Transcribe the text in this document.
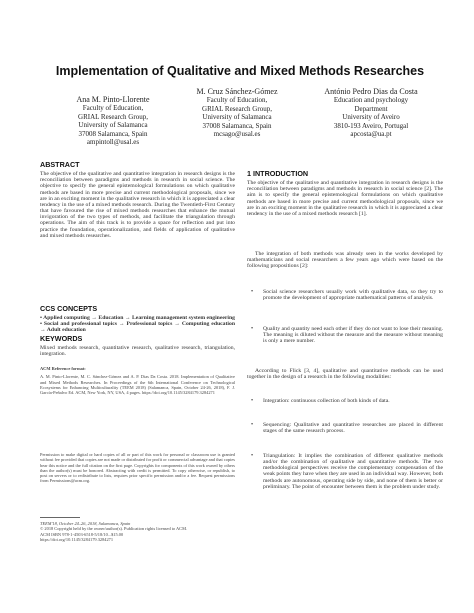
Implementation of Qualitative and Mixed Methods Researches
Ana M. Pinto-Llorente
Faculty of Education,
GRIAL Research Group,
University of Salamanca
37008 Salamanca, Spain
ampintoll@usal.es
M. Cruz Sánchez-Gómez
Faculty of Education,
GRIAL Research Group,
University of Salamanca
37008 Salamanca, Spain
mcsago@usal.es
António Pedro Dias da Costa
Education and psychology
Department
University of Aveiro
3810-193 Aveiro, Portugal
apcosta@ua.pt
ABSTRACT
The objective of the qualitative and quantitative integration in research designs is the reconciliation between paradigms and methods in research in social science. The objective to specify the general epistemological formulations on which qualitative methods are based in more precise and current methodological proposals, since we are in an exciting moment in the qualitative research in which it is appreciated a clear tendency in the use of a mixed methods research. During the Twentieth-First Century that have favoured the rise of mixed methods researches that enhance the mutual invigoration of the two types of methods, and facilitate the triangulation through operations. The aim of this track is to provide a space for reflection and put into practice the foundation, operationalization, and fields of application of qualitative and mixed methods researches.
CCS CONCEPTS
• Applied computing → Education → Learning management system engineering • Social and professional topics → Professional topics → Computing education → Adult education
KEYWORDS
Mixed methods research, quantitative research, qualitative research, triangulation, integration.
ACM Reference format:
A. M. Pinto-Llorente, M. C. Sánchez-Gómez and A. P. Dias Da Costa. 2018. Implementation of Qualitative and Mixed Methods Researches. In Proceedings of the 6th International Conference on Technological Ecosystems for Enhancing Multiculturality (TEEM 2018) (Salamanca, Spain, October 24-26, 2018), F. J. García-Peñalvo Ed. ACM, New York, NY, USA, 4 pages. https://doi.org/10.1145/3284179.3284271
Permission to make digital or hard copies of all or part of this work for personal or classroom use is granted without fee provided that copies are not made or distributed for profit or commercial advantage and that copies bear this notice and the full citation on the first page. Copyrights for components of this work owned by others than the author(s) must be honored. Abstracting with credit is permitted. To copy otherwise, or republish, to post on servers or to redistribute to lists, requires prior specific permission and/or a fee. Request permissions from Permissions@acm.org.
TEEM'18, October 24–26, 2018, Salamanca, Spain
© 2018 Copyright held by the owner/author(s). Publication rights licensed to ACM.
ACM ISBN 978-1-4503-6518-5/18/10...$15.00
https://doi.org/10.1145/3284179.3284271
1 INTRODUCTION
The objective of the qualitative and quantitative integration in research designs is the reconciliation between paradigms and methods in research in social science [2]. The aim is to specify the general epistemological formulations on which qualitative methods are based in more precise and current methodological proposals, since we are in an exciting moment in the qualitative research in which it is appreciated a clear tendency in the use of a mixed methods research [1].
The integration of both methods was already seen in the works developed by mathematicians and social researchers a few years ago which were based on the following propositions [2]:
• Social science researchers usually work with qualitative data, so they try to promote the development of appropriate mathematical patterns of analysis.
• Quality and quantity need each other if they do not want to lose their meaning. The meaning is diluted without the measure and the measure without meaning is only a mere number.
According to Flick [3, 4], qualitative and quantitative methods can be used together in the design of a research in the following modalities:
• Integration: continuous collection of both kinds of data.
• Sequencing: Qualitative and quantitative researches are placed in different stages of the same research process.
• Triangulation: It implies the combination of different qualitative methods and/or the combination of qualitative and quantitative methods. The two methodological perspectives receive the complementary compensation of the weak points they have when they are used in an individual way. However, both methods are autonomous, operating side by side, and none of them is better or preliminary. The point of encounter between them is the problem under study.
